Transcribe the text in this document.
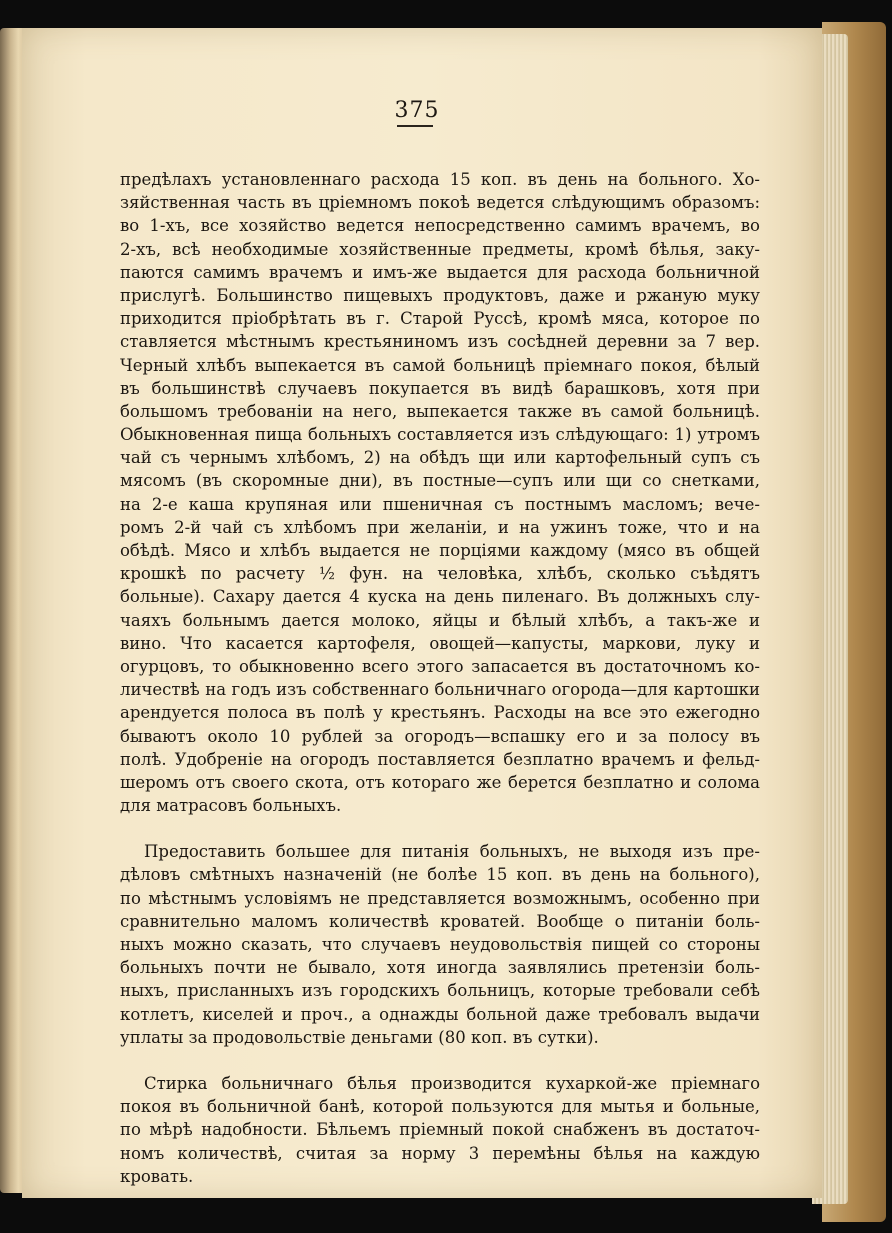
375
предѣлахъ установленнаго расхода 15 коп. въ день на больного. Хо-
зяйственная часть въ цріемномъ покоѣ ведется слѣдующимъ образомъ:
во 1-хъ, все хозяйство ведется непосредственно самимъ врачемъ, во
2-хъ, всѣ необходимые хозяйственные предметы, кромѣ бѣлья, заку-
паются самимъ врачемъ и имъ-же выдается для расхода больничной
прислугѣ. Большинство пищевыхъ продуктовъ, даже и ржаную муку
приходится пріобрѣтать въ г. Старой Руссѣ, кромѣ мяса, которое по
ставляется мѣстнымъ крестьяниномъ изъ сосѣдней деревни за 7 вер.
Черный хлѣбъ выпекается въ самой больницѣ пріемнаго покоя, бѣлый
въ большинствѣ случаевъ покупается въ видѣ барашковъ, хотя при
большомъ требованіи на него, выпекается также въ самой больницѣ.
Обыкновенная пища больныхъ составляется изъ слѣдующаго: 1) утромъ
чай съ чернымъ хлѣбомъ, 2) на обѣдъ щи или картофельный супъ съ
мясомъ (въ скоромные дни), въ постные—супъ или щи со снетками,
на 2-е каша крупяная или пшеничная съ постнымъ масломъ; вече-
ромъ 2-й чай съ хлѣбомъ при желаніи, и на ужинъ тоже, что и на
обѣдѣ. Мясо и хлѣбъ выдается не порціями каждому (мясо въ общей
крошкѣ по расчету ½ фун. на человѣка, хлѣбъ, сколько съѣдятъ
больные). Сахару дается 4 куска на день пиленаго. Въ должныхъ слу-
чаяхъ больнымъ дается молоко, яйцы и бѣлый хлѣбъ, а такъ-же и
вино. Что касается картофеля, овощей—капусты, маркови, луку и
огурцовъ, то обыкновенно всего этого запасается въ достаточномъ ко-
личествѣ на годъ изъ собственнаго больничнаго огорода—для картошки
арендуется полоса въ полѣ у крестьянъ. Расходы на все это ежегодно
бываютъ около 10 рублей за огородъ—вспашку его и за полосу въ
полѣ. Удобреніе на огородъ поставляется безплатно врачемъ и фельд-
шеромъ отъ своего скота, отъ котораго же берется безплатно и солома
для матрасовъ больныхъ.
Предоставить большее для питанія больныхъ, не выходя изъ пре-
дѣловъ смѣтныхъ назначеній (не болѣе 15 коп. въ день на больного),
по мѣстнымъ условіямъ не представляется возможнымъ, особенно при
сравнительно маломъ количествѣ кроватей. Вообще о питаніи боль-
ныхъ можно сказать, что случаевъ неудовольствія пищей со стороны
больныхъ почти не бывало, хотя иногда заявлялись претензіи боль-
ныхъ, присланныхъ изъ городскихъ больницъ, которые требовали себѣ
котлетъ, киселей и проч., а однажды больной даже требовалъ выдачи
уплаты за продовольствіе деньгами (80 коп. въ сутки).
Стирка больничнаго бѣлья производится кухаркой-же пріемнаго
покоя въ больничной банѣ, которой пользуются для мытья и больные,
по мѣрѣ надобности. Бѣльемъ пріемный покой снабженъ въ достаточ-
номъ количествѣ, считая за норму 3 перемѣны бѣлья на каждую
кровать.
